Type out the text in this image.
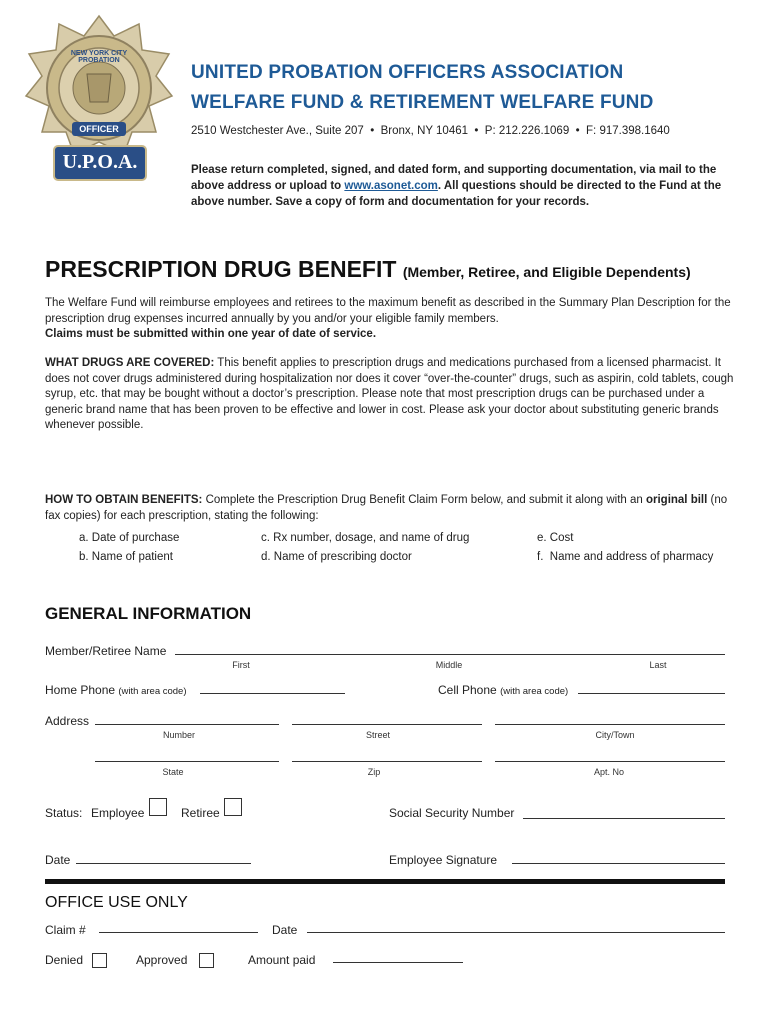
NEW YORK CITY PROBATION
OFFICER
U.P.O.A.
UNITED PROBATION OFFICERS ASSOCIATION
WELFARE FUND & RETIREMENT WELFARE FUND
2510 Westchester Ave., Suite 207  •  Bronx, NY 10461  •  P: 212.226.1069  •  F: 917.398.1640
Please return completed, signed, and dated form, and supporting documentation, via mail to the above address or upload to www.asonet.com. All questions should be directed to the Fund at the above number. Save a copy of form and documentation for your records.
PRESCRIPTION DRUG BENEFIT (Member, Retiree, and Eligible Dependents)
The Welfare Fund will reimburse employees and retirees to the maximum benefit as described in the Summary Plan Description for the prescription drug expenses incurred annually by you and/or your eligible family members.
Claims must be submitted within one year of date of service.
WHAT DRUGS ARE COVERED: This benefit applies to prescription drugs and medications purchased from a licensed pharmacist. It does not cover drugs administered during hospitalization nor does it cover “over-the-counter” drugs, such as aspirin, cold tablets, cough syrup, etc. that may be bought without a doctor’s prescription. Please note that most prescription drugs can be purchased under a generic brand name that has been proven to be effective and lower in cost. Please ask your doctor about substituting generic brands whenever possible.
HOW TO OBTAIN BENEFITS: Complete the Prescription Drug Benefit Claim Form below, and submit it along with an original bill (no fax copies) for each prescription, stating the following:
a. Date of purchase
b. Name of patient
c. Rx number, dosage, and name of drug
d. Name of prescribing doctor
e. Cost
f.  Name and address of pharmacy
GENERAL INFORMATION
Member/Retiree Name
First	Middle	Last
Home Phone (with area code)	Cell Phone (with area code)
Address
Number	Street	City/Town
State	Zip	Apt. No
Status: Employee	Retiree	Social Security Number
Date	Employee Signature
OFFICE USE ONLY
Claim #	Date
Denied	Approved	Amount paid
